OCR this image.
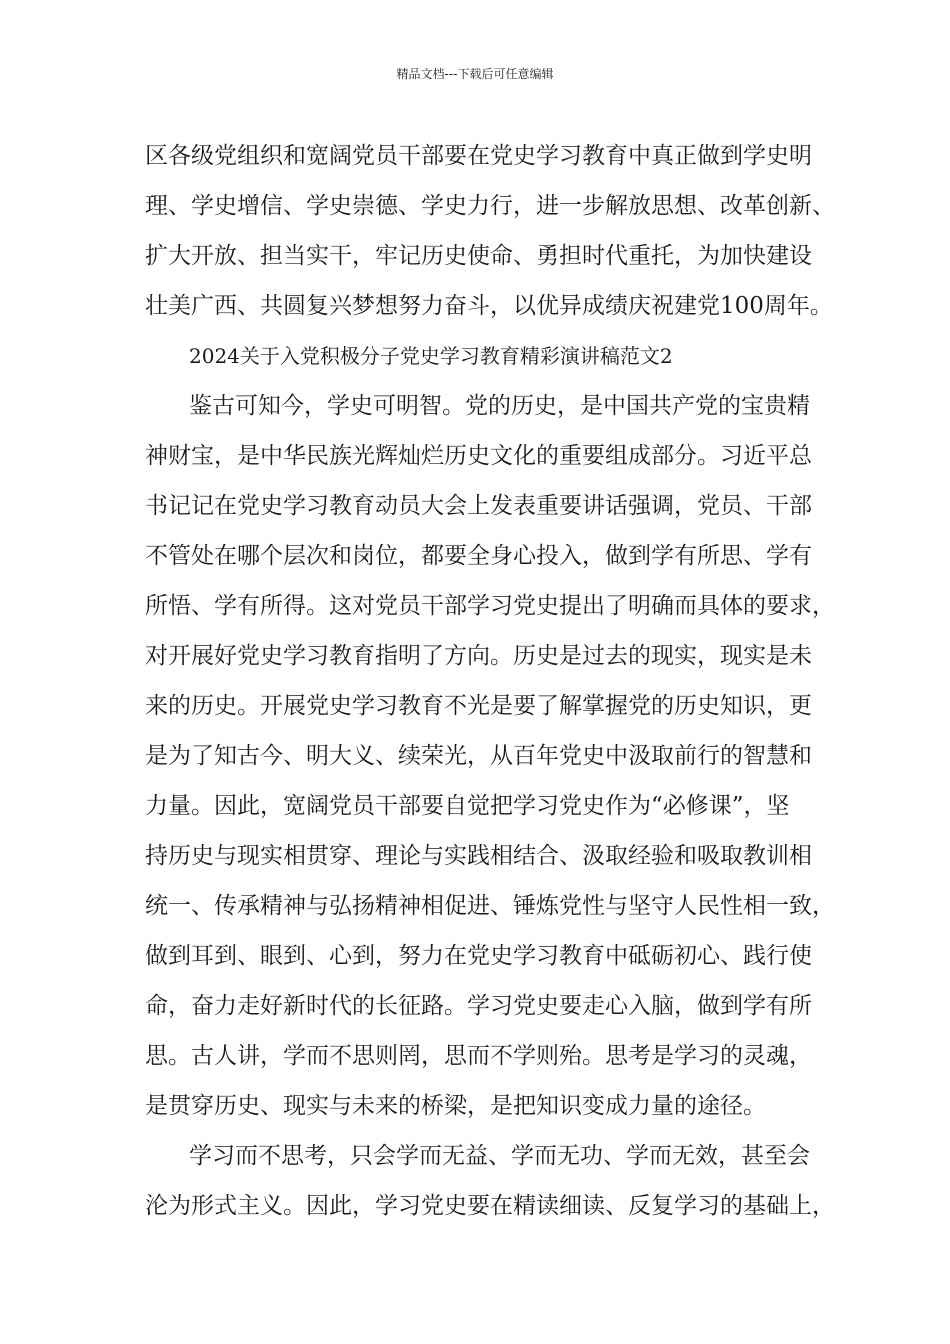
精品文档---下载后可任意编辑
区各级党组织和宽阔党员干部要在党史学习教育中真正做到学史明
理、学史增信、学史崇德、学史力行，进一步解放思想、改革创新、
扩大开放、担当实干，牢记历史使命、勇担时代重托，为加快建设
壮美广西、共圆复兴梦想努力奋斗，以优异成绩庆祝建党100周年。
2024关于入党积极分子党史学习教育精彩演讲稿范文2
鉴古可知今，学史可明智。党的历史，是中国共产党的宝贵精
神财宝，是中华民族光辉灿烂历史文化的重要组成部分。习近平总
书记记在党史学习教育动员大会上发表重要讲话强调，党员、干部
不管处在哪个层次和岗位，都要全身心投入，做到学有所思、学有
所悟、学有所得。这对党员干部学习党史提出了明确而具体的要求，
对开展好党史学习教育指明了方向。历史是过去的现实，现实是未
来的历史。开展党史学习教育不光是要了解掌握党的历史知识，更
是为了知古今、明大义、续荣光，从百年党史中汲取前行的智慧和
力量。因此，宽阔党员干部要自觉把学习党史作为“必修课”，坚
持历史与现实相贯穿、理论与实践相结合、汲取经验和吸取教训相
统一、传承精神与弘扬精神相促进、锤炼党性与坚守人民性相一致，
做到耳到、眼到、心到，努力在党史学习教育中砥砺初心、践行使
命，奋力走好新时代的长征路。学习党史要走心入脑，做到学有所
思。古人讲，学而不思则罔，思而不学则殆。思考是学习的灵魂，
是贯穿历史、现实与未来的桥梁，是把知识变成力量的途径。
学习而不思考，只会学而无益、学而无功、学而无效，甚至会
沦为形式主义。因此，学习党史要在精读细读、反复学习的基础上，
